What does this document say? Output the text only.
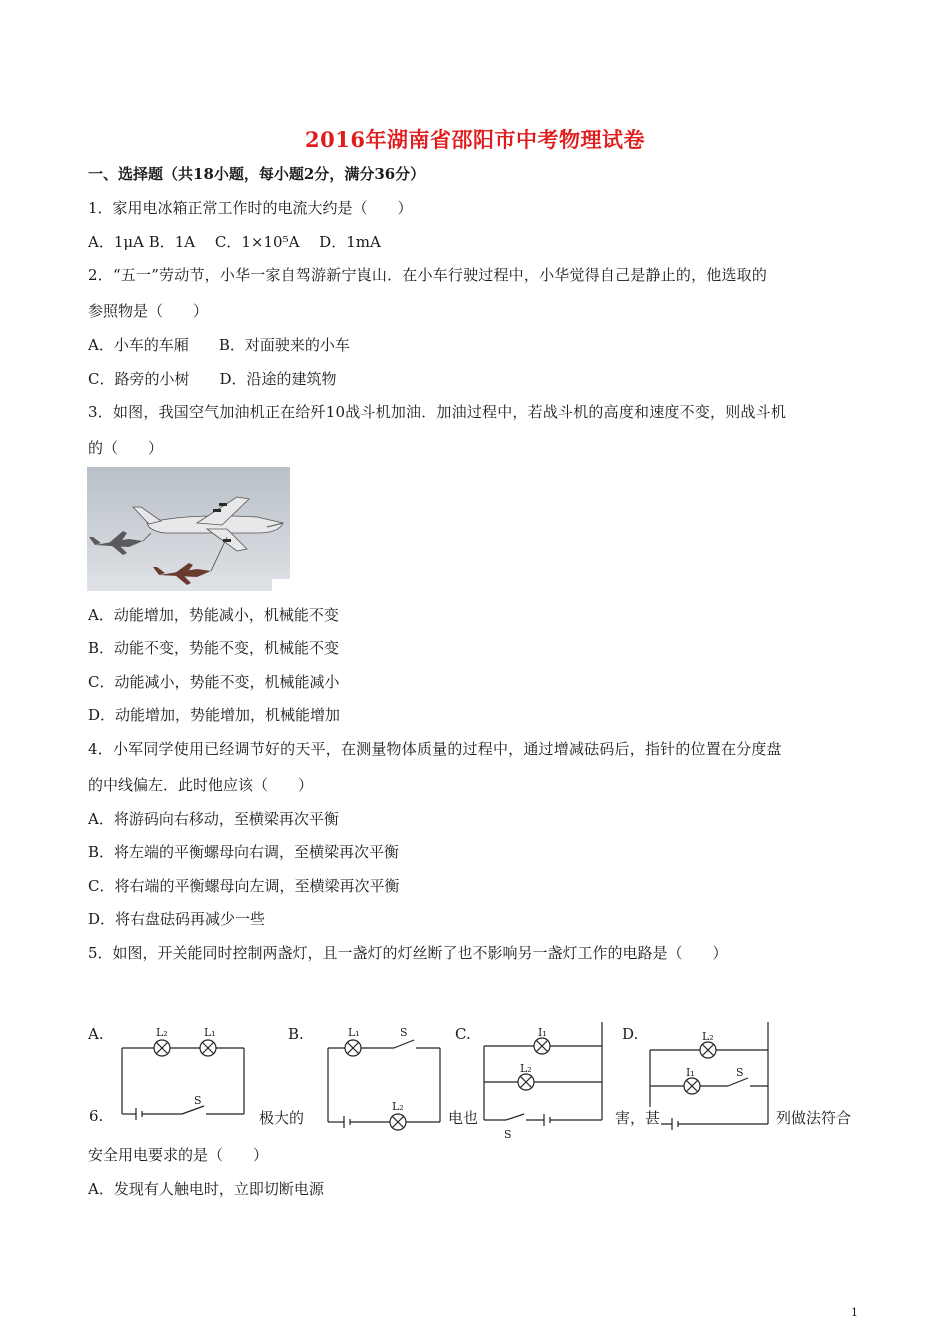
2016年湖南省邵阳市中考物理试卷
一、选择题（共18小题，每小题2分，满分36分）
1．家用电冰箱正常工作时的电流大约是（　　）
A．1μA B．1A　 C．1×10⁵A　 D．1mA
2．“五一”劳动节，小华一家自驾游新宁崀山．在小车行驶过程中，小华觉得自己是静止的，他选取的
参照物是（　　）
A．小车的车厢　　B．对面驶来的小车
C．路旁的小树　　D．沿途的建筑物
3．如图，我国空气加油机正在给歼10战斗机加油．加油过程中，若战斗机的高度和速度不变，则战斗机
的（　　）
A．动能增加，势能减小，机械能不变
B．动能不变，势能不变，机械能不变
C．动能减小，势能不变，机械能减小
D．动能增加，势能增加，机械能增加
4．小军同学使用已经调节好的天平，在测量物体质量的过程中，通过增减砝码后，指针的位置在分度盘
的中线偏左．此时他应该（　　）
A．将游码向右移动，至横梁再次平衡
B．将左端的平衡螺母向右调，至横梁再次平衡
C．将右端的平衡螺母向左调，至横梁再次平衡
D．将右盘砝码再减少一些
5．如图，开关能同时控制两盏灯，且一盏灯的灯丝断了也不影响另一盏灯工作的电路是（　　）
A.	B.	C.	D.
L₂	L₁
S
L₁	S
L₂
I₁
L₂
S
L₂
I₁	S
6.	极大的	电也	害，甚	列做法符合
安全用电要求的是（　　）
A．发现有人触电时，立即切断电源
1
